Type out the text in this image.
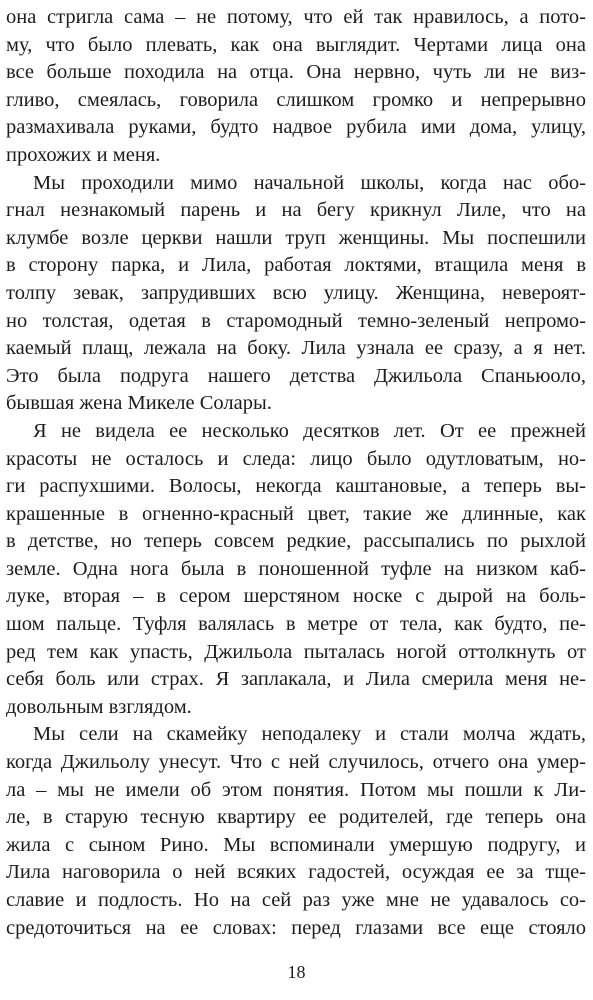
она стригла сама – не потому, что ей так нравилось, а пото-
му, что было плевать, как она выглядит. Чертами лица она
все больше походила на отца. Она нервно, чуть ли не виз-
гливо, смеялась, говорила слишком громко и непрерывно
размахивала руками, будто надвое рубила ими дома, улицу,
прохожих и меня.
Мы проходили мимо начальной школы, когда нас обо-
гнал незнакомый парень и на бегу крикнул Лиле, что на
клумбе возле церкви нашли труп женщины. Мы поспешили
в сторону парка, и Лила, работая локтями, втащила меня в
толпу зевак, запрудивших всю улицу. Женщина, невероят-
но толстая, одетая в старомодный темно-зеленый непромо-
каемый плащ, лежала на боку. Лила узнала ее сразу, а я нет.
Это была подруга нашего детства Джильола Спаньюоло,
бывшая жена Микеле Солары.
Я не видела ее несколько десятков лет. От ее прежней
красоты не осталось и следа: лицо было одутловатым, но-
ги распухшими. Волосы, некогда каштановые, а теперь вы-
крашенные в огненно-красный цвет, такие же длинные, как
в детстве, но теперь совсем редкие, рассыпались по рыхлой
земле. Одна нога была в поношенной туфле на низком каб-
луке, вторая – в сером шерстяном носке с дырой на боль-
шом пальце. Туфля валялась в метре от тела, как будто, пе-
ред тем как упасть, Джильола пыталась ногой оттолкнуть от
себя боль или страх. Я заплакала, и Лила смерила меня не-
довольным взглядом.
Мы сели на скамейку неподалеку и стали молча ждать,
когда Джильолу унесут. Что с ней случилось, отчего она умер-
ла – мы не имели об этом понятия. Потом мы пошли к Ли-
ле, в старую тесную квартиру ее родителей, где теперь она
жила с сыном Рино. Мы вспоминали умершую подругу, и
Лила наговорила о ней всяких гадостей, осуждая ее за тще-
славие и подлость. Но на сей раз уже мне не удавалось со-
средоточиться на ее словах: перед глазами все еще стояло
18
